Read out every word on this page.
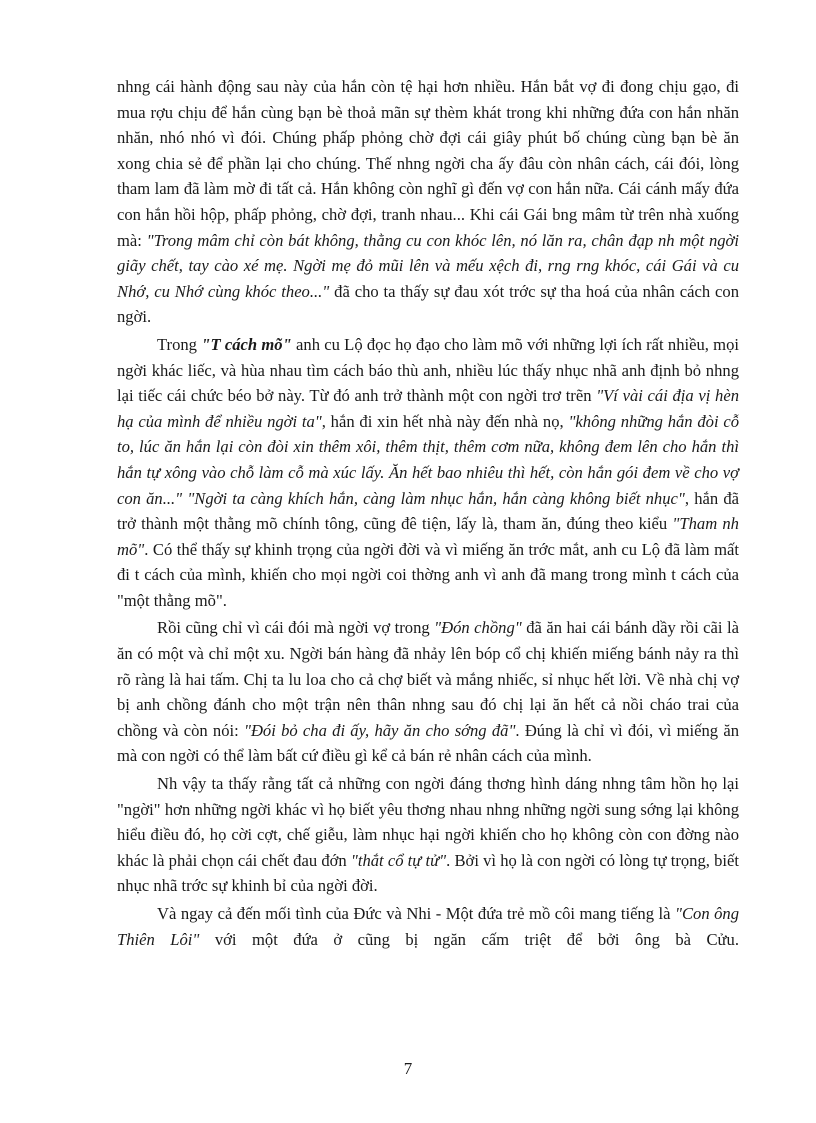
nhng cái hành động sau này của hắn còn tệ hại hơn nhiều. Hắn bắt vợ đi đong chịu gạo, đi mua rợu chịu để hắn cùng bạn bè thoả mãn sự thèm khát trong khi những đứa con hắn nhăn nhăn, nhó nhó vì đói. Chúng phấp phỏng chờ đợi cái giây phút bố chúng cùng bạn bè ăn xong chia sẻ để phần lại cho chúng. Thế nhng ngời cha ấy đâu còn nhân cách, cái đói, lòng tham lam đã làm mờ đi tất cả. Hắn không còn nghĩ gì đến vợ con hắn nữa. Cái cánh mấy đứa con hắn hồi hộp, phấp phỏng, chờ đợi, tranh nhau... Khi cái Gái bng mâm từ trên nhà xuống mà: "Trong mâm chỉ còn bát không, thằng cu con khóc lên, nó lăn ra, chân đạp nh một ngời giãy chết, tay cào xé mẹ. Ngời mẹ đỏ mũi lên và mếu xệch đi, rng rng khóc, cái Gái và cu Nhớ, cu Nhớ cùng khóc theo..." đã cho ta thấy sự đau xót trớc sự tha hoá của nhân cách con ngời.

Trong "T cách mõ" anh cu Lộ đọc họ đạo cho làm mõ với những lợi ích rất nhiều, mọi ngời khác liếc, và hùa nhau tìm cách báo thù anh, nhiều lúc thấy nhục nhã anh định bỏ nhng lại tiếc cái chức béo bở này. Từ đó anh trở thành một con ngời trơ trẽn "Ví vài cái địa vị hèn hạ của mình để nhiều ngời ta", hắn đi xin hết nhà này đến nhà nọ, "không những hắn đòi cỗ to, lúc ăn hắn lại còn đòi xin thêm xôi, thêm thịt, thêm cơm nữa, không đem lên cho hắn thì hắn tự xông vào chỗ làm cỗ mà xúc lấy. Ăn hết bao nhiêu thì hết, còn hắn gói đem về cho vợ con ăn..." "Ngời ta càng khích hắn, càng làm nhục hắn, hắn càng không biết nhục", hắn đã trở thành một thằng mõ chính tông, cũng đê tiện, lấy là, tham ăn, đúng theo kiểu "Tham nh mõ". Có thể thấy sự khinh trọng của ngời đời và vì miếng ăn trớc mắt, anh cu Lộ đã làm mất đi t cách của mình, khiến cho mọi ngời coi thờng anh vì anh đã mang trong mình t cách của "một thằng mõ".

Rồi cũng chỉ vì cái đói mà ngời vợ trong "Đón chồng" đã ăn hai cái bánh dầy rồi cãi là ăn có một và chỉ một xu. Ngời bán hàng đã nhảy lên bóp cổ chị khiến miếng bánh nảy ra thì rõ ràng là hai tấm. Chị ta lu loa cho cả chợ biết và mắng nhiếc, sỉ nhục hết lời. Về nhà chị vợ bị anh chồng đánh cho một trận nên thân nhng sau đó chị lại ăn hết cả nồi cháo trai của chồng và còn nói: "Đói bỏ cha đi ấy, hãy ăn cho sớng đã". Đúng là chỉ vì đói, vì miếng ăn mà con ngời có thể làm bất cứ điều gì kể cả bán rẻ nhân cách của mình.

Nh vậy ta thấy rằng tất cả những con ngời đáng thơng hình dáng nhng tâm hồn họ lại "ngời" hơn những ngời khác vì họ biết yêu thơng nhau nhng những ngời sung sớng lại không hiểu điều đó, họ cời cợt, chế giễu, làm nhục hại ngời khiến cho họ không còn con đờng nào khác là phải chọn cái chết đau đớn "thắt cổ tự tử". Bởi vì họ là con ngời có lòng tự trọng, biết nhục nhã trớc sự khinh bỉ của ngời đời.

Và ngay cả đến mối tình của Đức và Nhi - Một đứa trẻ mồ côi mang tiếng là "Con ông Thiên Lôi" với một đứa ở cũng bị ngăn cấm triệt để bởi ông bà Cửu.

7
